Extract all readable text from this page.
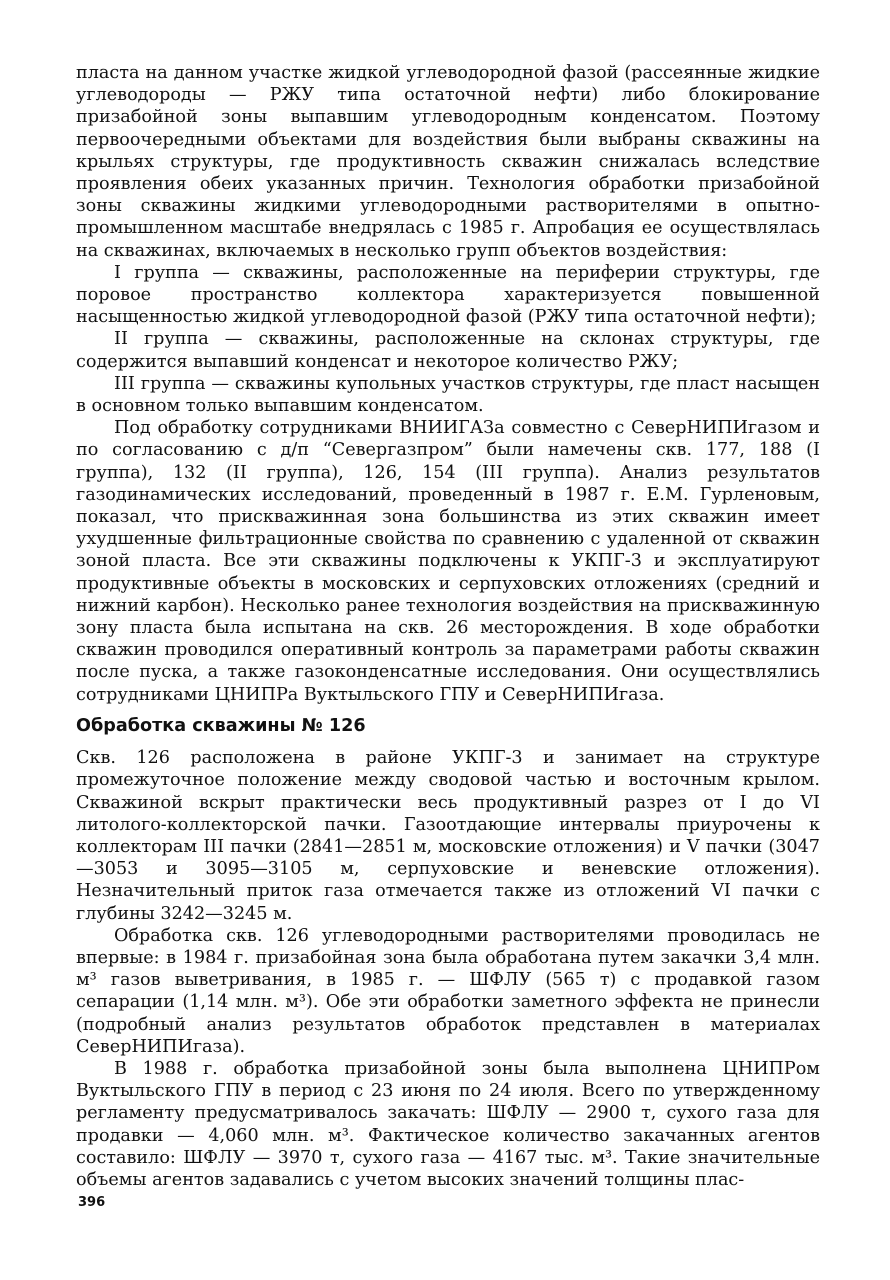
пласта на данном участке жидкой углеводородной фазой (рассеянные жидкие углеводороды — РЖУ типа остаточной нефти) либо блокирование призабойной зоны выпавшим углеводородным конденсатом. Поэтому первоочередными объектами для воздействия были выбраны скважины на крыльях структуры, где продуктивность скважин снижалась вследствие проявления обеих указанных причин. Технология обработки призабойной зоны скважины жидкими углеводородными растворителями в опытно-промышленном масштабе внедрялась с 1985 г. Апробация ее осуществлялась на скважинах, включаемых в несколько групп объектов воздействия:

I группа — скважины, расположенные на периферии структуры, где поровое пространство коллектора характеризуется повышенной насыщенностью жидкой углеводородной фазой (РЖУ типа остаточной нефти);

II группа — скважины, расположенные на склонах структуры, где содержится выпавший конденсат и некоторое количество РЖУ;

III группа — скважины купольных участков структуры, где пласт насыщен в основном только выпавшим конденсатом.

Под обработку сотрудниками ВНИИГАЗа совместно с СеверНИПИгазом и по согласованию с д/п “Севергазпром” были намечены скв. 177, 188 (I группа), 132 (II группа), 126, 154 (III группа). Анализ результатов газодинамических исследований, проведенный в 1987 г. Е.М. Гурленовым, показал, что прискважинная зона большинства из этих скважин имеет ухудшенные фильтрационные свойства по сравнению с удаленной от скважин зоной пласта. Все эти скважины подключены к УКПГ-3 и эксплуатируют продуктивные объекты в московских и серпуховских отложениях (средний и нижний карбон). Несколько ранее технология воздействия на прискважинную зону пласта была испытана на скв. 26 месторождения. В ходе обработки скважин проводился оперативный контроль за параметрами работы скважин после пуска, а также газоконденсатные исследования. Они осуществлялись сотрудниками ЦНИПРа Вуктыльского ГПУ и СеверНИПИгаза.

Обработка скважины № 126

Скв. 126 расположена в районе УКПГ-3 и занимает на структуре промежуточное положение между сводовой частью и восточным крылом. Скважиной вскрыт практически весь продуктивный разрез от I до VI литолого-коллекторской пачки. Газоотдающие интервалы приурочены к коллекторам III пачки (2841—2851 м, московские отложения) и V пачки (3047—3053 и 3095—3105 м, серпуховские и веневские отложения). Незначительный приток газа отмечается также из отложений VI пачки с глубины 3242—3245 м.

Обработка скв. 126 углеводородными растворителями проводилась не впервые: в 1984 г. призабойная зона была обработана путем закачки 3,4 млн. м³ газов выветривания, в 1985 г. — ШФЛУ (565 т) с продавкой газом сепарации (1,14 млн. м³). Обе эти обработки заметного эффекта не принесли (подробный анализ результатов обработок представлен в материалах СеверНИПИгаза).

В 1988 г. обработка призабойной зоны была выполнена ЦНИПРом Вуктыльского ГПУ в период с 23 июня по 24 июля. Всего по утвержденному регламенту предусматривалось закачать: ШФЛУ — 2900 т, сухого газа для продавки — 4,060 млн. м³. Фактическое количество закачанных агентов составило: ШФЛУ — 3970 т, сухого газа — 4167 тыс. м³. Такие значительные объемы агентов задавались с учетом высоких значений толщины плас-

396
